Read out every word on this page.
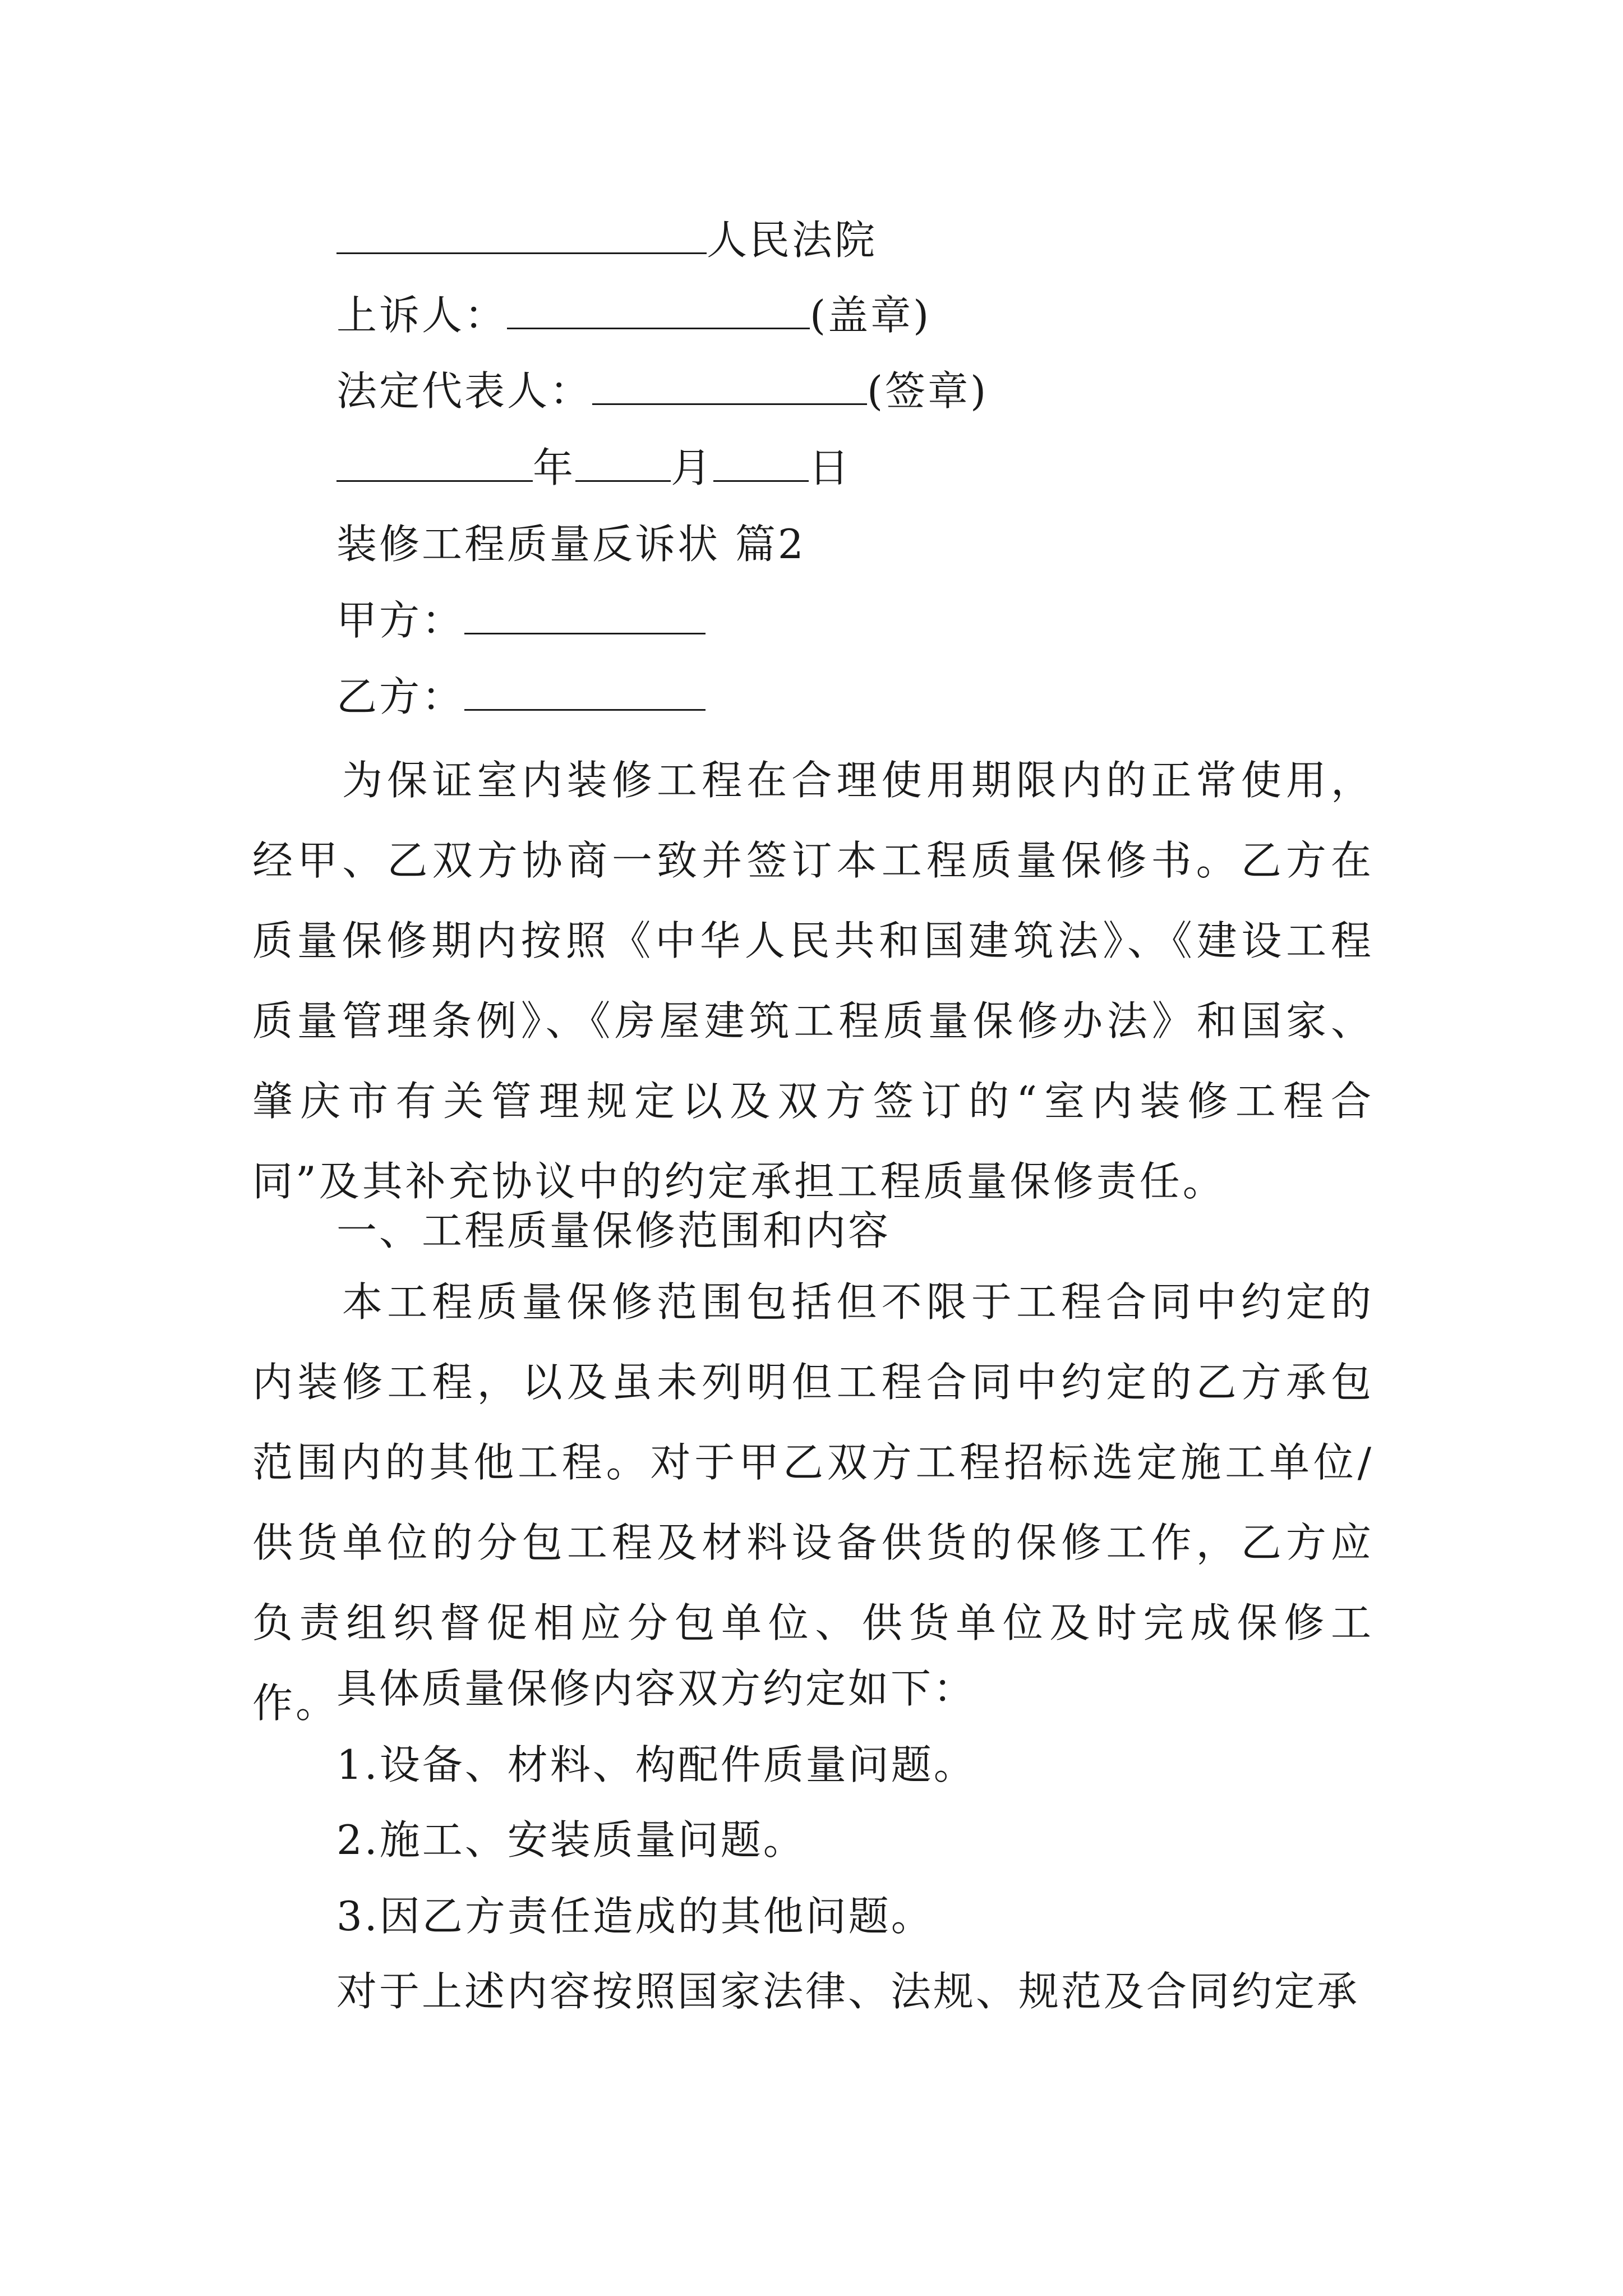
人民法院
上诉人：	(盖章)
法定代表人：	(签章)
年 月 日
装修工程质量反诉状 篇2
甲方：
乙方：

为保证室内装修工程在合理使用期限内的正常使用，经甲、乙双方协商一致并签订本工程质量保修书。乙方在质量保修期内按照《中华人民共和国建筑法》、《建设工程质量管理条例》、《房屋建筑工程质量保修办法》和国家、肇庆市有关管理规定以及双方签订的“室内装修工程合同”及其补充协议中的约定承担工程质量保修责任。

一、工程质量保修范围和内容

本工程质量保修范围包括但不限于工程合同中约定的内装修工程，以及虽未列明但工程合同中约定的乙方承包范围内的其他工程。对于甲乙双方工程招标选定施工单位/供货单位的分包工程及材料设备供货的保修工作，乙方应负责组织督促相应分包单位、供货单位及时完成保修工作。

具体质量保修内容双方约定如下：
1.设备、材料、构配件质量问题。
2.施工、安装质量问题。
3.因乙方责任造成的其他问题。
对于上述内容按照国家法律、法规、规范及合同约定承
